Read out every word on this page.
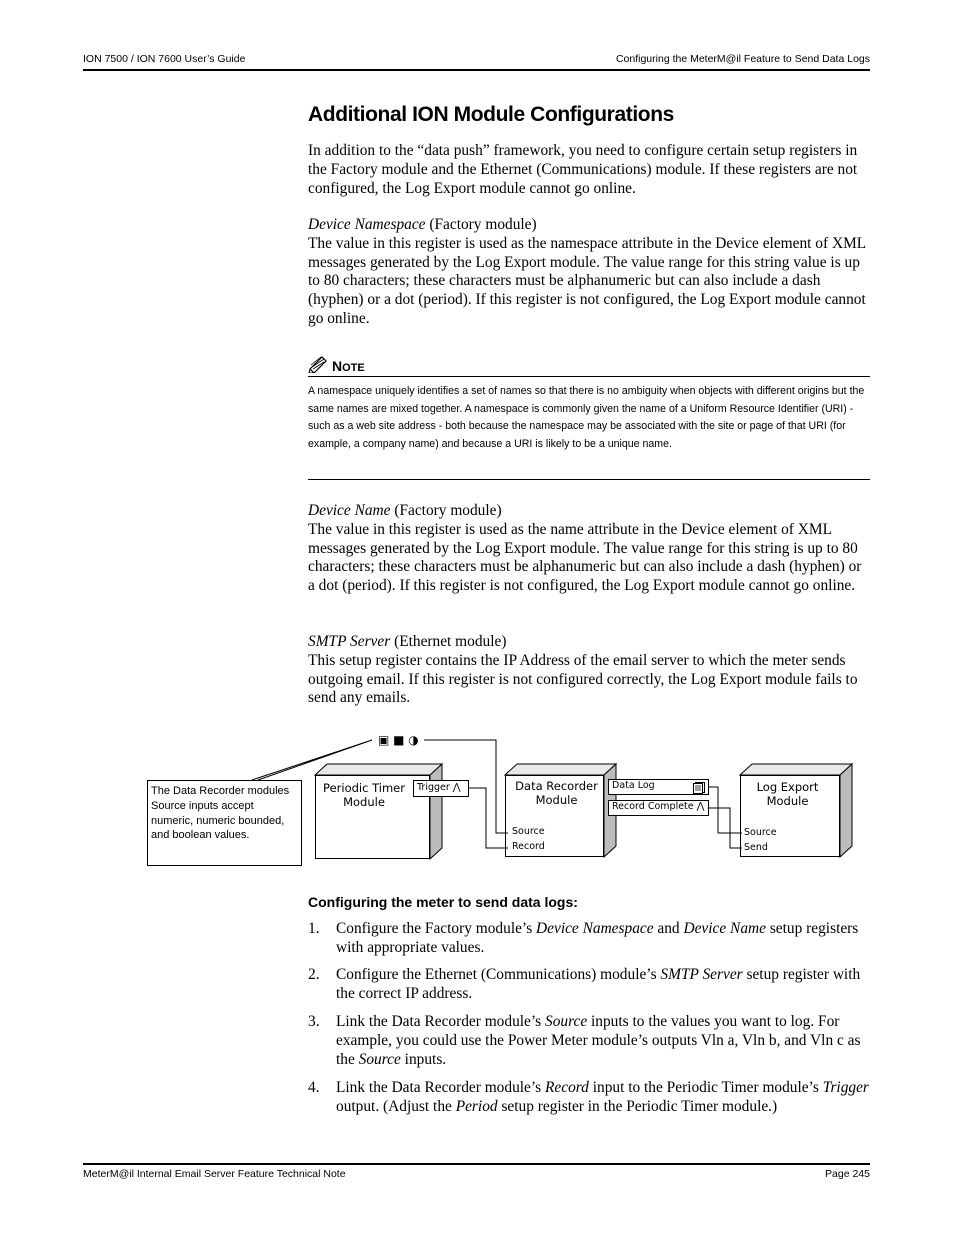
ION 7500 / ION 7600 User’s Guide	Configuring the MeterM@il Feature to Send Data Logs
Additional ION Module Configurations

In addition to the “data push” framework, you need to configure certain setup registers in the Factory module and the Ethernet (Communications) module. If these registers are not configured, the Log Export module cannot go online.

Device Namespace (Factory module)
The value in this register is used as the namespace attribute in the Device element of XML messages generated by the Log Export module. The value range for this string value is up to 80 characters; these characters must be alphanumeric but can also include a dash (hyphen) or a dot (period). If this register is not configured, the Log Export module cannot go online.

NOTE

A namespace uniquely identifies a set of names so that there is no ambiguity when objects with different origins but the same names are mixed together. A namespace is commonly given the name of a Uniform Resource Identifier (URI) - such as a web site address - both because the namespace may be associated with the site or page of that URI (for example, a company name) and because a URI is likely to be a unique name.

Device Name (Factory module)
The value in this register is used as the name attribute in the Device element of XML messages generated by the Log Export module. The value range for this string is up to 80 characters; these characters must be alphanumeric but can also include a dash (hyphen) or a dot (period). If this register is not configured, the Log Export module cannot go online.

SMTP Server (Ethernet module)
This setup register contains the IP Address of the email server to which the meter sends outgoing email. If this register is not configured correctly, the Log Export module fails to send any emails.

The Data Recorder modules Source inputs accept numeric, numeric bounded, and boolean values.
▣ ■ ◑
Periodic Timer
Module
Trigger ⋀	Data Recorder
Module
Source
Record
Data Log
Record Complete ⋀
Log Export
Module
Source
Send
Configuring the meter to send data logs:
1.	Configure the Factory module’s Device Namespace and Device Name setup registers with appropriate values.
2.	Configure the Ethernet (Communications) module’s SMTP Server setup register with the correct IP address.
3.	Link the Data Recorder module’s Source inputs to the values you want to log. For example, you could use the Power Meter module’s outputs Vln a, Vln b, and Vln c as the Source inputs.
4.	Link the Data Recorder module’s Record input to the Periodic Timer module’s Trigger output. (Adjust the Period setup register in the Periodic Timer module.)
MeterM@il Internal Email Server Feature Technical Note	Page 245
